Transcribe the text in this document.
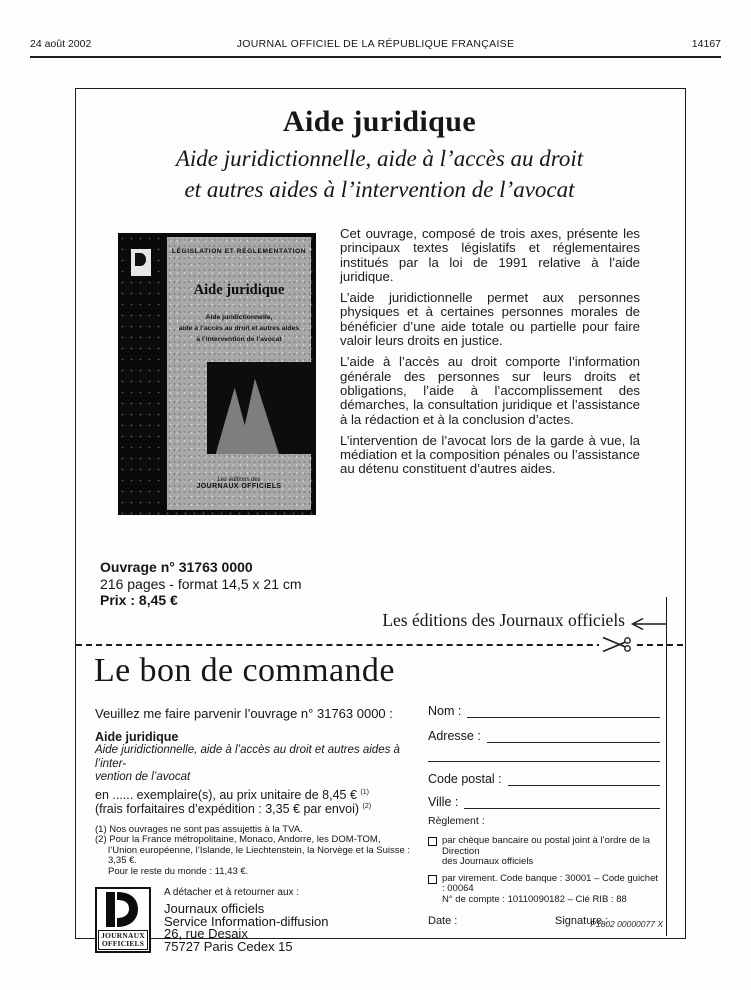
24 août 2002	JOURNAL OFFICIEL DE LA RÉPUBLIQUE FRANÇAISE	14167
Aide juridique
Aide juridictionnelle, aide à l’accès au droit
et autres aides à l’intervention de l’avocat
LÉGISLATION ET RÉGLEMENTATION
Aide juridique
Aide juridictionnelle,
aide à l’accès au droit et autres aides
à l’intervention de l’avocat
Les éditions des
JOURNAUX OFFICIELS

Cet ouvrage, composé de trois axes, présente les principaux textes législatifs et réglementaires institués par la loi de 1991 relative à l’aide juridique.

L’aide juridictionnelle permet aux personnes physiques et à certaines personnes morales de bénéficier d’une aide totale ou partielle pour faire valoir leurs droits en justice.

L’aide à l’accès au droit comporte l’information générale des personnes sur leurs droits et obligations, l’aide à l’accomplissement des démarches, la consultation juridique et l’assistance à la rédaction et à la conclusion d’actes.

L’intervention de l’avocat lors de la garde à vue, la médiation et la composition pénales ou l’assistance au détenu constituent d’autres aides.

Ouvrage n° 31763 0000
216 pages - format 14,5 x 21 cm
Prix : 8,45 €
Les éditions des Journaux officiels
Le bon de commande
Veuillez me faire parvenir l’ouvrage n° 31763 0000 :
Aide juridique
Aide juridictionnelle, aide à l’accès au droit et autres aides à l’inter-
vention de l’avocat
en ...... exemplaire(s), au prix unitaire de 8,45 € $^{(1)}$
(frais forfaitaires d’expédition : 3,35 € par envoi) $^{(2)}$
(1) Nos ouvrages ne sont pas assujettis à la TVA.
(2) Pour la France métropolitaine, Monaco, Andorre, les DOM-TOM,
l’Union européenne, l’Islande, le Liechtenstein, la Norvège et la Suisse : 3,35 €.
Pour le reste du monde : 11,43 €.
JOURNAUX
OFFICIELS
A détacher et à retourner aux :
Journaux officiels
Service Information-diffusion
26, rue Desaix
75727 Paris Cedex 15
Nom :
Adresse :
Code postal :
Ville :
Règlement :
par chèque bancaire ou postal joint à l’ordre de la Direction
des Journaux officiels
par virement. Code banque : 30001 – Code guichet : 00064
N° de compte : 10110090182 – Clé RIB : 88
Date :	Signature :
P1802 00000077 X
